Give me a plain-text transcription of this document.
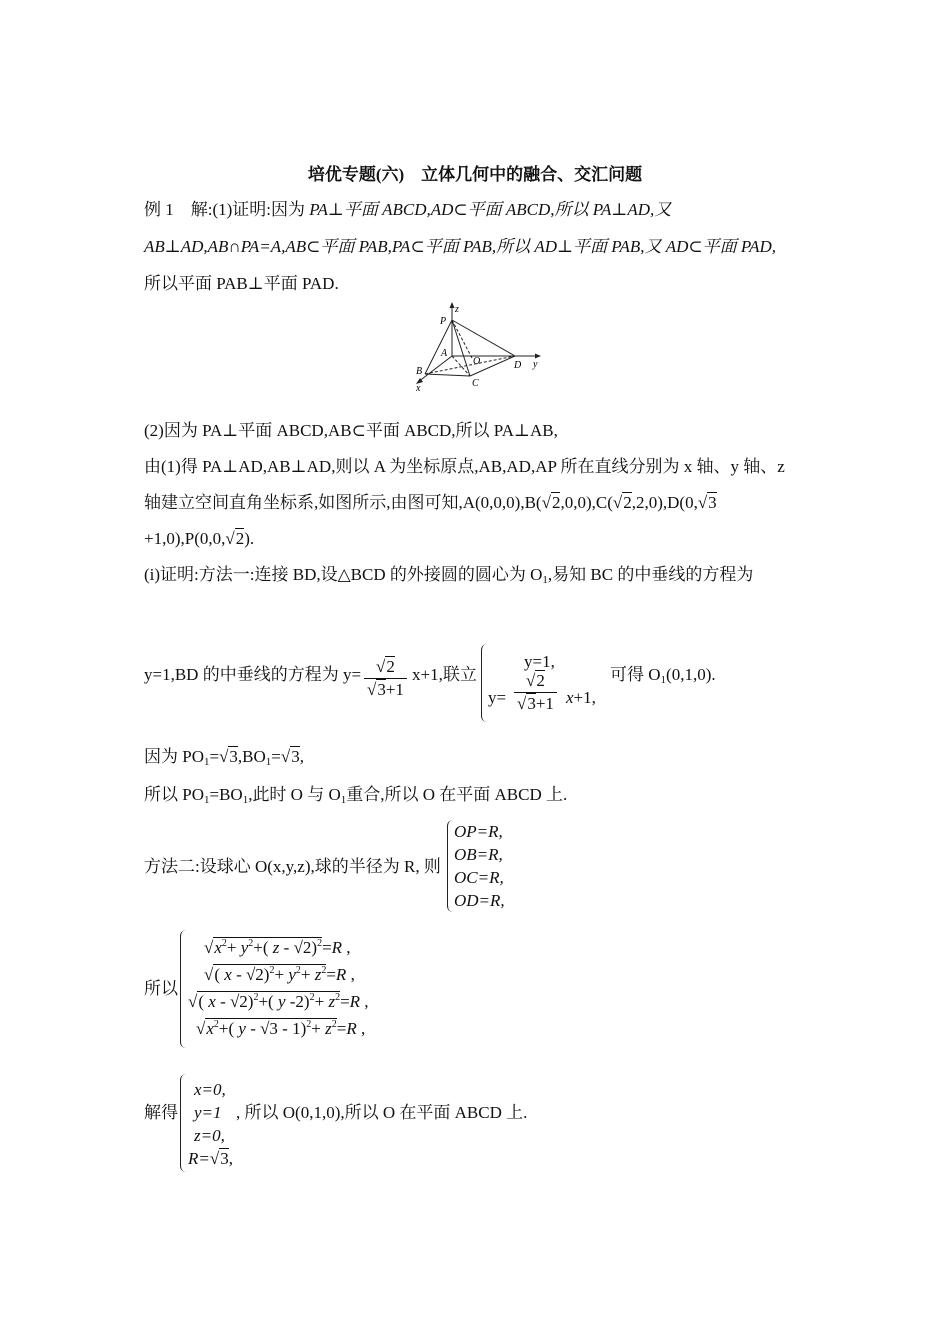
培优专题(六)　立体几何中的融合、交汇问题
例 1　解:(1)证明:因为 PA⊥平面 ABCD,AD⊂平面 ABCD,所以 PA⊥AD,又
AB⊥AD,AB∩PA=A,AB⊂平面 PAB,PA⊂平面 PAB,所以 AD⊥平面 PAB,又 AD⊂平面 PAD,
所以平面 PAB⊥平面 PAD.
z
y
x
P
A
O
B
C
D
(2)因为 PA⊥平面 ABCD,AB⊂平面 ABCD,所以 PA⊥AB,
由(1)得 PA⊥AD,AB⊥AD,则以 A 为坐标原点,AB,AD,AP 所在直线分别为 x 轴、y 轴、z
轴建立空间直角坐标系,如图所示,由图可知,A(0,0,0),B(√2,0,0),C(√2,2,0),D(0,√3
+1,0),P(0,0,√2).
(i)证明:方法一:连接 BD,设△BCD 的外接圆的圆心为 O1,易知 BC 的中垂线的方程为
y=1,BD 的中垂线的方程为 $y= \frac{√2}{√3+1} x+1$,联立
y=1,
$y= \frac{√2}{√3+1} x+1$,
可得 O1(0,1,0).
因为 PO1=√3,BO1=√3,
所以 PO1=BO1,此时 O 与 O1重合,所以 O 在平面 ABCD 上.
方法二:设球心 O(x,y,z),球的半径为 R, 则
OP=R,
OB=R,
OC=R,
OD=R,
所以
$√x^2+ y^2+$( z - √2)$^2$=R ,
√( $x - √2)^2+ y^2+ z^2=R$ ,
√( x - √2)$^2$+( y $-2)^2+ z^2=R$ ,
$√x^2+$( $y - √3 - 1)^2+ z^2=R$ ,
解得
x=0,
y=1
z=0,
R=√3,
, 所以 O(0,1,0),所以 O 在平面 ABCD 上.
